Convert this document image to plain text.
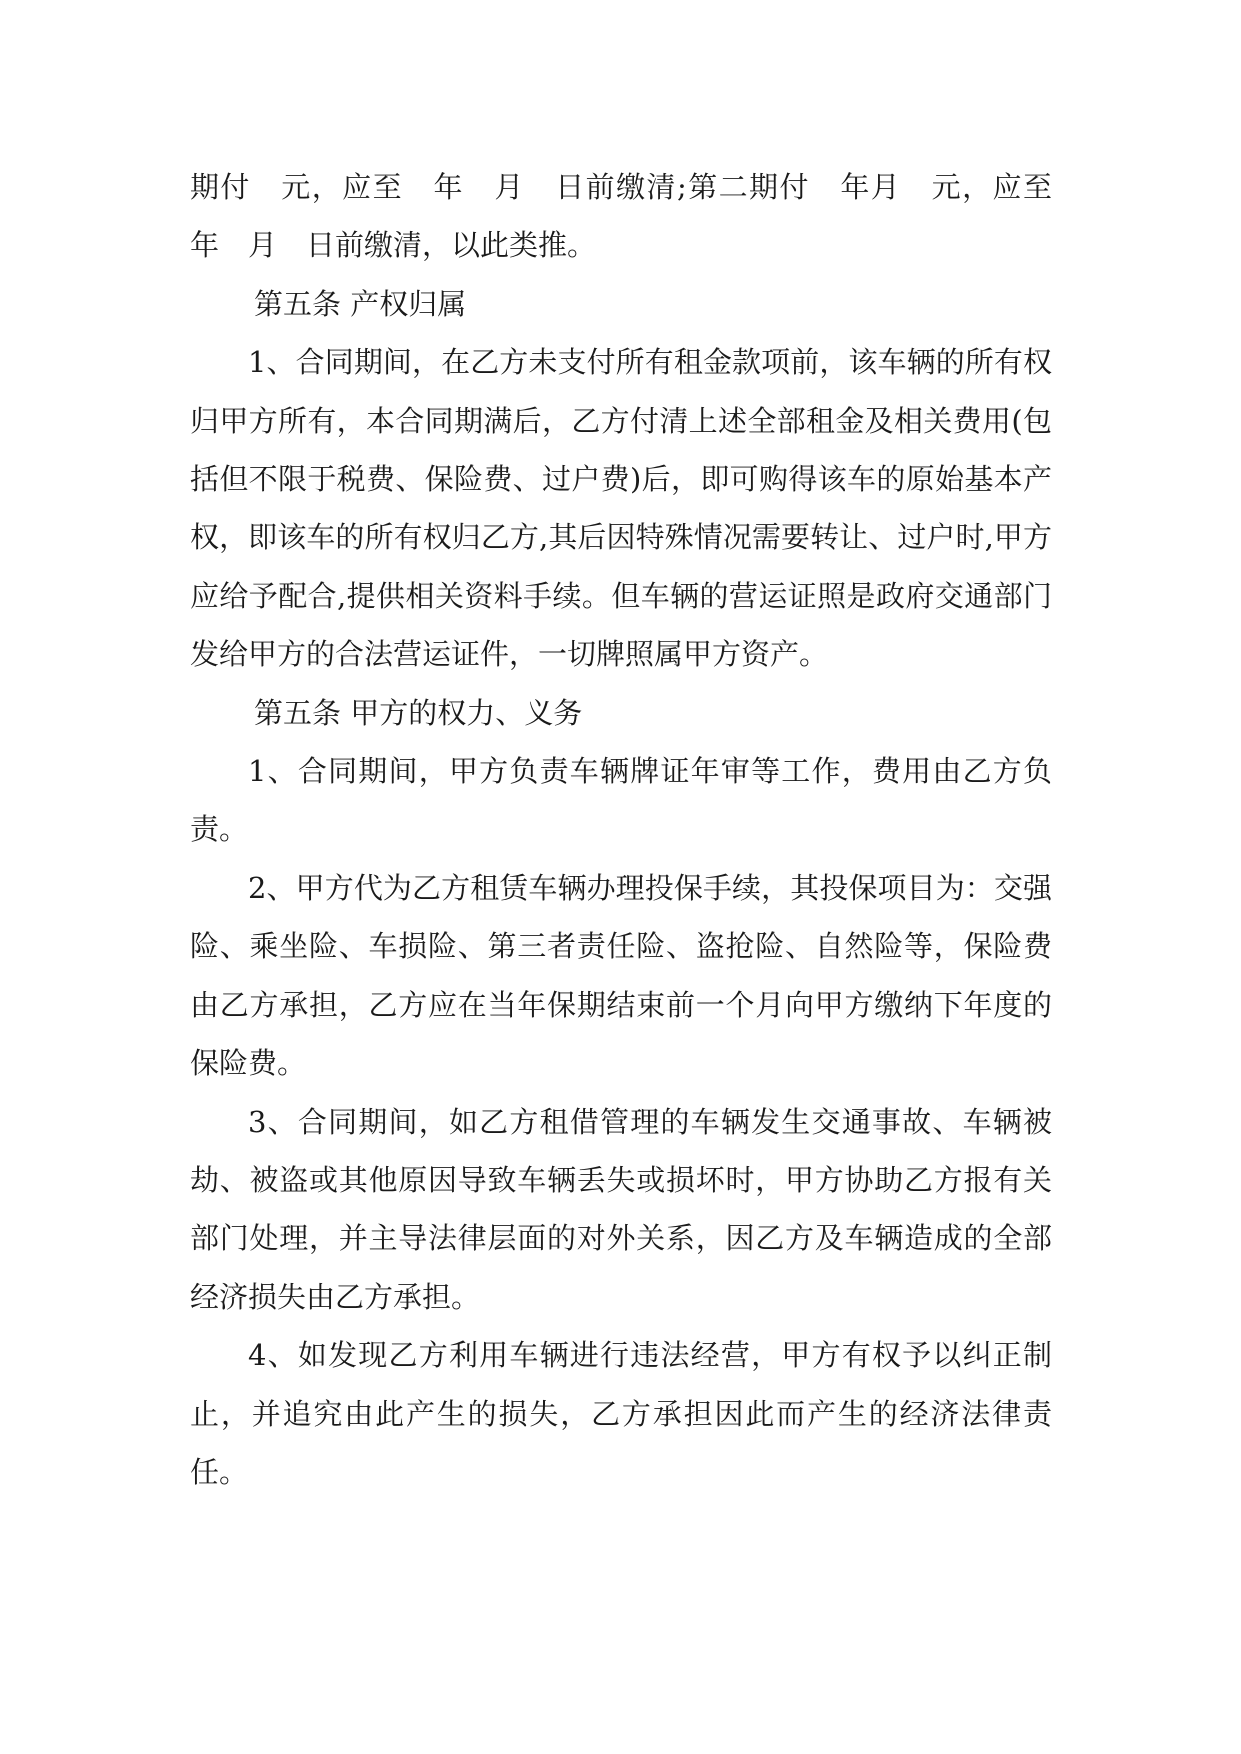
期付　元，应至　年　月　日前缴清;第二期付　年月　元，应至　年　月　日前缴清，以此类推。

第五条 产权归属

1、合同期间，在乙方未支付所有租金款项前，该车辆的所有权归甲方所有，本合同期满后，乙方付清上述全部租金及相关费用(包括但不限于税费、保险费、过户费)后，即可购得该车的原始基本产权，即该车的所有权归乙方,其后因特殊情况需要转让、过户时,甲方应给予配合,提供相关资料手续。但车辆的营运证照是政府交通部门发给甲方的合法营运证件，一切牌照属甲方资产。

第五条 甲方的权力、义务

1、合同期间，甲方负责车辆牌证年审等工作，费用由乙方负责。

2、甲方代为乙方租赁车辆办理投保手续，其投保项目为：交强险、乘坐险、车损险、第三者责任险、盗抢险、自然险等，保险费由乙方承担，乙方应在当年保期结束前一个月向甲方缴纳下年度的保险费。

3、合同期间，如乙方租借管理的车辆发生交通事故、车辆被劫、被盗或其他原因导致车辆丢失或损坏时，甲方协助乙方报有关部门处理，并主导法律层面的对外关系，因乙方及车辆造成的全部经济损失由乙方承担。

4、如发现乙方利用车辆进行违法经营，甲方有权予以纠正制止，并追究由此产生的损失，乙方承担因此而产生的经济法律责任。
